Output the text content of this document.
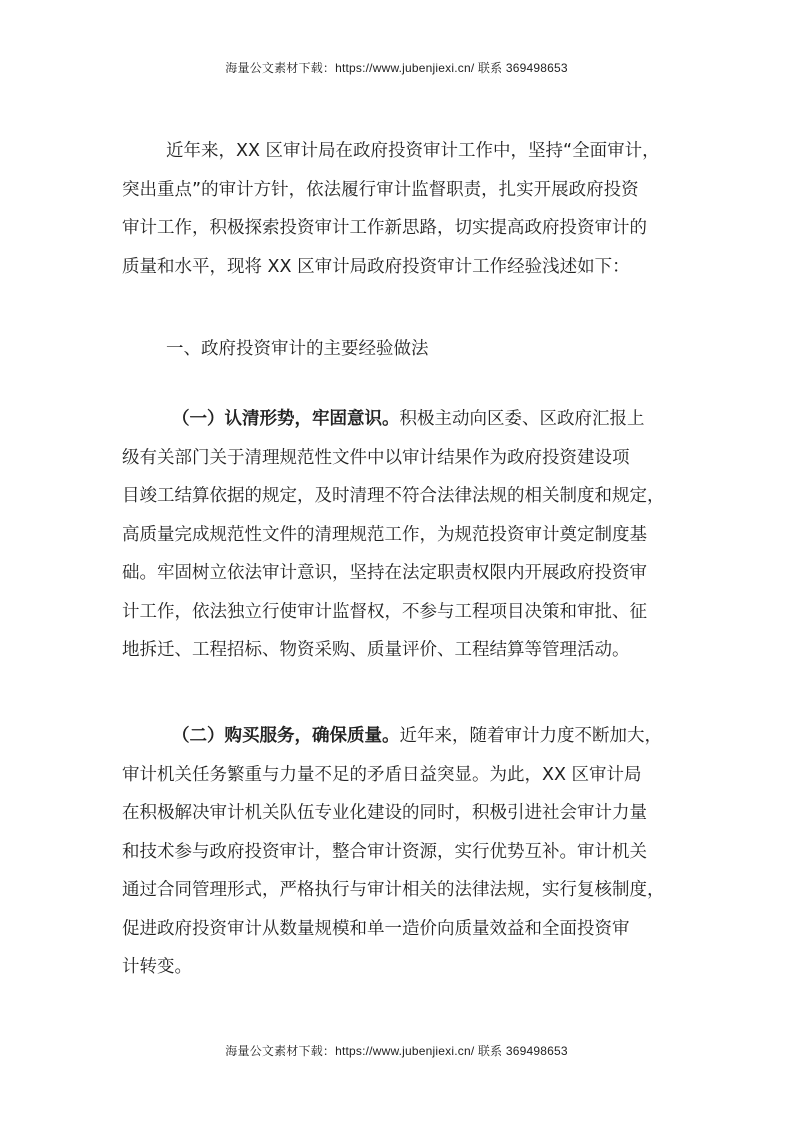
海量公文素材下载：https://www.jubenjiexi.cn/ 联系 369498653
近年来，XX 区审计局在政府投资审计工作中，坚持“全面审计，
突出重点”的审计方针，依法履行审计监督职责，扎实开展政府投资
审计工作，积极探索投资审计工作新思路，切实提高政府投资审计的
质量和水平，现将 XX 区审计局政府投资审计工作经验浅述如下：
一、政府投资审计的主要经验做法
（一）认清形势，牢固意识。积极主动向区委、区政府汇报上
级有关部门关于清理规范性文件中以审计结果作为政府投资建设项
目竣工结算依据的规定，及时清理不符合法律法规的相关制度和规定，
高质量完成规范性文件的清理规范工作，为规范投资审计奠定制度基
础。牢固树立依法审计意识，坚持在法定职责权限内开展政府投资审
计工作，依法独立行使审计监督权，不参与工程项目决策和审批、征
地拆迁、工程招标、物资采购、质量评价、工程结算等管理活动。
（二）购买服务，确保质量。近年来，随着审计力度不断加大，
审计机关任务繁重与力量不足的矛盾日益突显。为此，XX 区审计局
在积极解决审计机关队伍专业化建设的同时，积极引进社会审计力量
和技术参与政府投资审计，整合审计资源，实行优势互补。审计机关
通过合同管理形式，严格执行与审计相关的法律法规，实行复核制度，
促进政府投资审计从数量规模和单一造价向质量效益和全面投资审
计转变。
海量公文素材下载：https://www.jubenjiexi.cn/ 联系 369498653
